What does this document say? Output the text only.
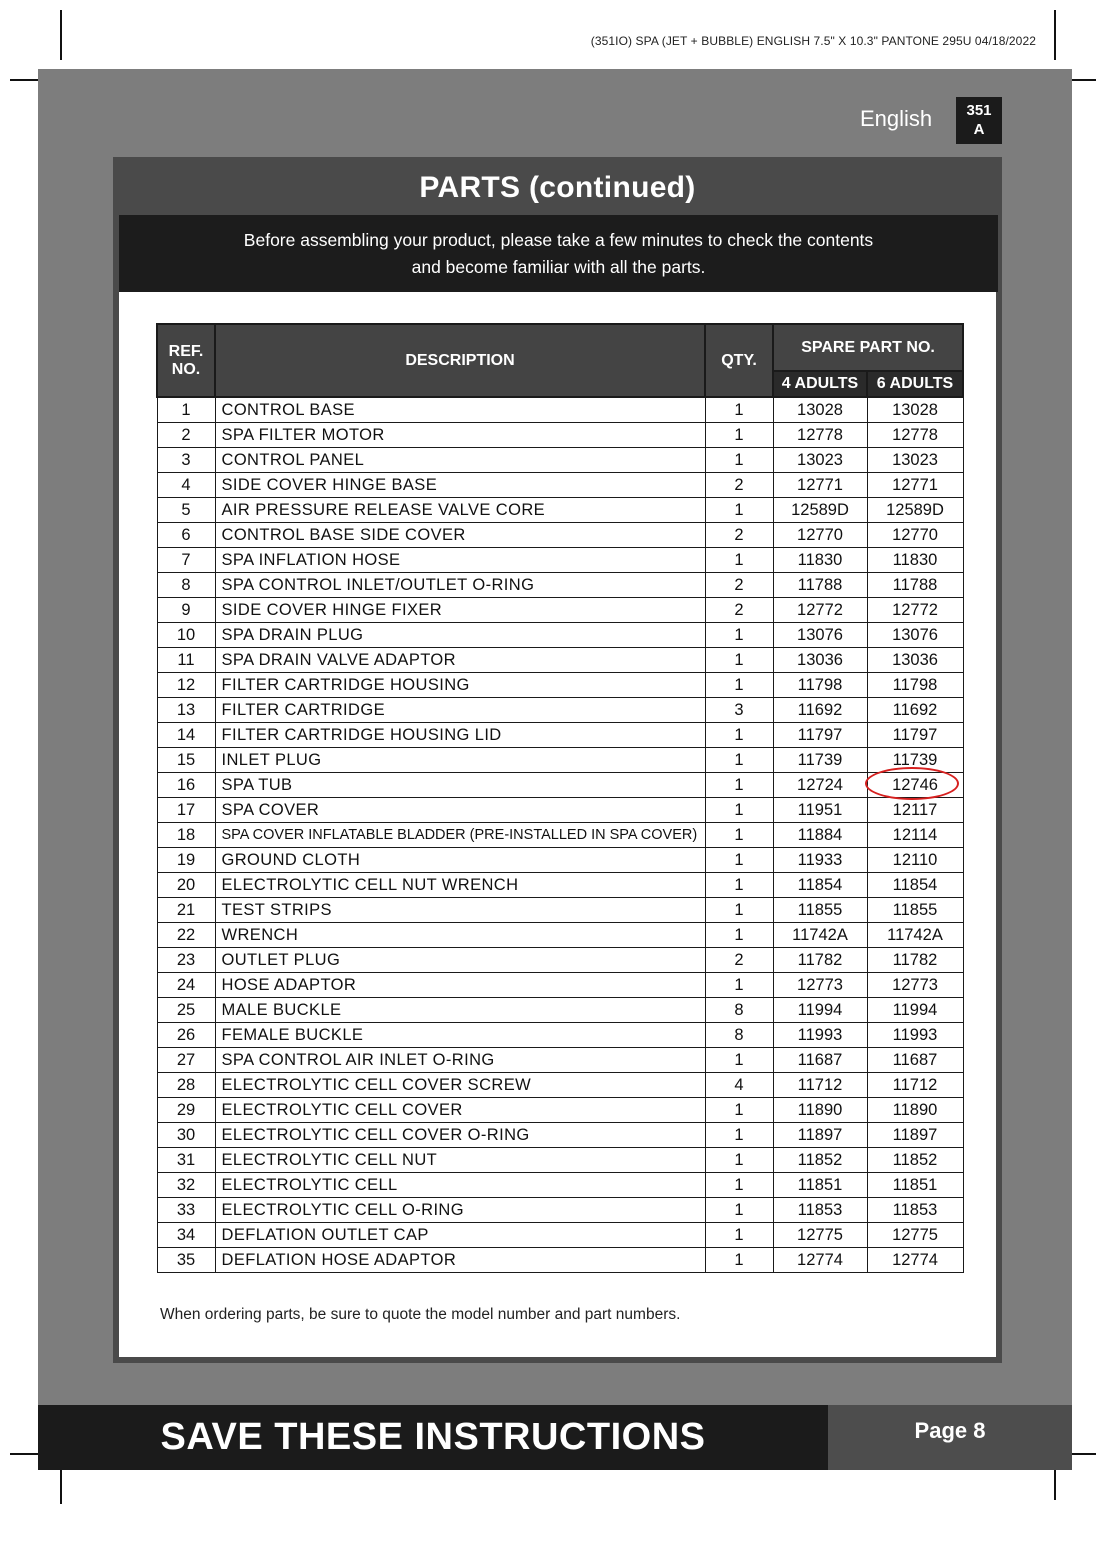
(351IO) SPA (JET + BUBBLE) ENGLISH 7.5" X 10.3" PANTONE 295U 04/18/2022
English	351
A
PARTS (continued)
Before assembling your product, please take a few minutes to check the contents
and become familiar with all the parts.
REF.
NO.	DESCRIPTION	QTY.	SPARE PART NO.	
			4 ADULTS	6 ADULTS
1	CONTROL BASE	1	13028	13028
2	SPA FILTER MOTOR	1	12778	12778
3	CONTROL PANEL	1	13023	13023
4	SIDE COVER HINGE BASE	2	12771	12771
5	AIR PRESSURE RELEASE VALVE CORE	1	12589D	12589D
6	CONTROL BASE SIDE COVER	2	12770	12770
7	SPA INFLATION HOSE	1	11830	11830
8	SPA CONTROL INLET/OUTLET O-RING	2	11788	11788
9	SIDE COVER HINGE FIXER	2	12772	12772
10	SPA DRAIN PLUG	1	13076	13076
11	SPA DRAIN VALVE ADAPTOR	1	13036	13036
12	FILTER CARTRIDGE HOUSING	1	11798	11798
13	FILTER CARTRIDGE	3	11692	11692
14	FILTER CARTRIDGE HOUSING LID	1	11797	11797
15	INLET PLUG	1	11739	11739
16	SPA TUB	1	12724	12746

17	SPA COVER	1	11951	12117
18	SPA COVER INFLATABLE BLADDER (PRE-INSTALLED IN SPA COVER)	1	11884	12114
19	GROUND CLOTH	1	11933	12110
20	ELECTROLYTIC CELL NUT WRENCH	1	11854	11854
21	TEST STRIPS	1	11855	11855
22	WRENCH	1	11742A	11742A
23	OUTLET PLUG	2	11782	11782
24	HOSE ADAPTOR	1	12773	12773
25	MALE BUCKLE	8	11994	11994
26	FEMALE BUCKLE	8	11993	11993
27	SPA CONTROL AIR INLET O-RING	1	11687	11687
28	ELECTROLYTIC CELL COVER SCREW	4	11712	11712
29	ELECTROLYTIC CELL COVER	1	11890	11890
30	ELECTROLYTIC CELL COVER O-RING	1	11897	11897
31	ELECTROLYTIC CELL NUT	1	11852	11852
32	ELECTROLYTIC CELL	1	11851	11851
33	ELECTROLYTIC CELL O-RING	1	11853	11853
34	DEFLATION OUTLET CAP	1	12775	12775
35	DEFLATION HOSE ADAPTOR	1	12774	12774
When ordering parts, be sure to quote the model number and part numbers.
SAVE THESE INSTRUCTIONS	Page 8
